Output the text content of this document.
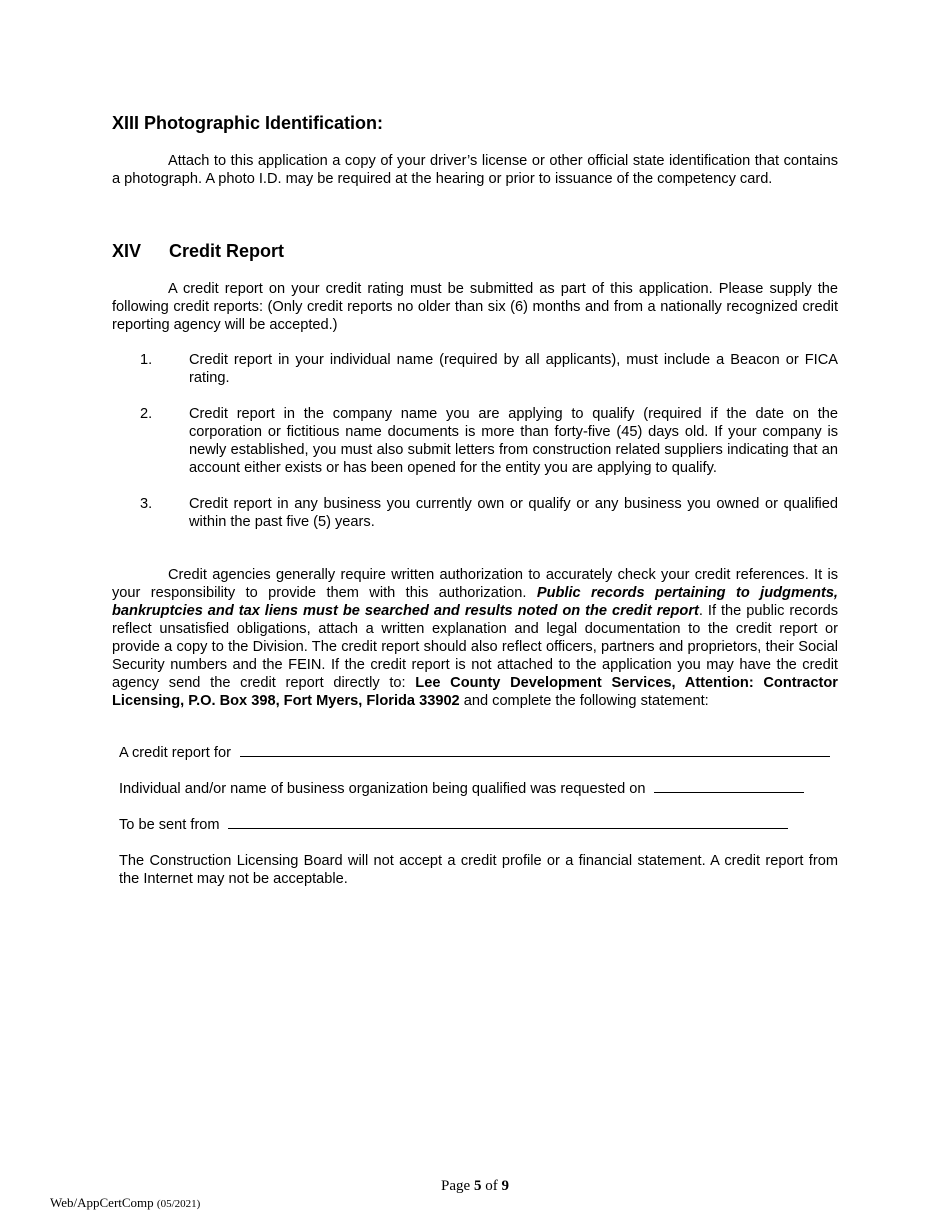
XIII Photographic Identification:

Attach to this application a copy of your driver’s license or other official state identification that contains a photograph. A photo I.D. may be required at the hearing or prior to issuance of the competency card.

XIV Credit Report

A credit report on your credit rating must be submitted as part of this application. Please supply the following credit reports: (Only credit reports no older than six (6) months and from a nationally recognized credit reporting agency will be accepted.)

1.	Credit report in your individual name (required by all applicants), must include a Beacon or FICA rating.

2.	Credit report in the company name you are applying to qualify (required if the date on the corporation or fictitious name documents is more than forty-five (45) days old. If your company is newly established, you must also submit letters from construction related suppliers indicating that an account either exists or has been opened for the entity you are applying to qualify.

3.	Credit report in any business you currently own or qualify or any business you owned or qualified within the past five (5) years.

Credit agencies generally require written authorization to accurately check your credit references. It is your responsibility to provide them with this authorization. Public records pertaining to judgments, bankruptcies and tax liens must be searched and results noted on the credit report. If the public records reflect unsatisfied obligations, attach a written explanation and legal documentation to the credit report or provide a copy to the Division. The credit report should also reflect officers, partners and proprietors, their Social Security numbers and the FEIN. If the credit report is not attached to the application you may have the credit agency send the credit report directly to: Lee County Development Services, Attention: Contractor Licensing, P.O. Box 398, Fort Myers, Florida 33902 and complete the following statement:

A credit report for
Individual and/or name of business organization being qualified was requested on
To be sent from

The Construction Licensing Board will not accept a credit profile or a financial statement. A credit report from the Internet may not be acceptable.

Page 5 of 9
Web/AppCertComp (05/2021)
